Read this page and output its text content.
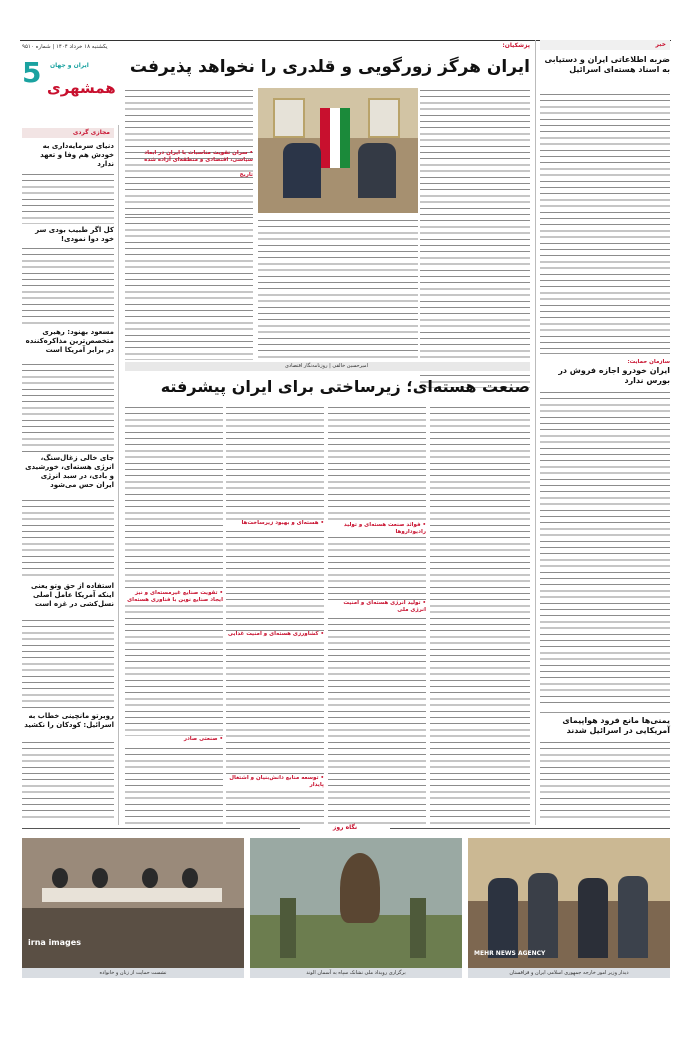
یکشنبه ۱۸ خرداد ۱۴۰۴ | شماره ۹۵۱۰
5 ایران و جهان
همشهری
خبر
ضربه اطلاعاتی ایران و دستیابی به اسناد هسته‌ای اسرائیل
سازمان حمایت:
ایران خودرو اجازه فروش در بورس ندارد
یمنی‌ها مانع فرود هواپیمای آمریکایی در اسرائیل شدند
پزشکیان:
ایران هرگز زورگویی و قلدری را نخواهد پذیرفت
• سران تقویت مناسبات با ایران در ابعاد سیاسی، اقتصادی و منطقه‌ای آزاده شده
تاریخ
امیرحسین خالقی | روزنامه‌نگار اقتصادی
صنعت هسته‌ای؛ زیرساختی برای ایران پیشرفته
• فوائد صنعت هسته‌ای و تولید رادیوداروها
• تولید انرژی هسته‌ای و امنیت انرژی ملی
• کشاورزی هسته‌ای و امنیت غذایی
• هسته‌ای و بهبود زیرساخت‌ها
• توسعه منابع دانش‌بنیان و اشتغال پایدار
• تقویت صنایع غیرمسته‌ای و نیز ایجاد صنایع نوین با فناوری هسته‌ای
• صنعتی صادر
مجازی گردی
دنیای سرمایه‌داری به خودش هم وفا و تعهد ندارد
کل اگر طبیب بودی سر خود دوا نمودی!
مسعود بهنود: رهبری متخصص‌ترین مذاکره‌کننده در برابر آمریکا است
جای خالی زغال‌سنگ، انرژی هسته‌ای، خورشیدی و بادی، در سبد انرژی ایران حس می‌شود
استفاده از حق وتو یعنی اینکه آمریکا عامل اصلی نسل‌کشی در غزه است
روبرتو مانچینی خطاب به اسرائیل: کودکان را نکشید
نگاه روز
MEHR NEWS AGENCY
دیدار وزیر امور خارجه جمهوری اسلامی ایران و قزاقستان
برگزاری رویداد ملی نشانک سپاه به آسمان الوند
irna images
نشست حمایت از زنان و خانواده
